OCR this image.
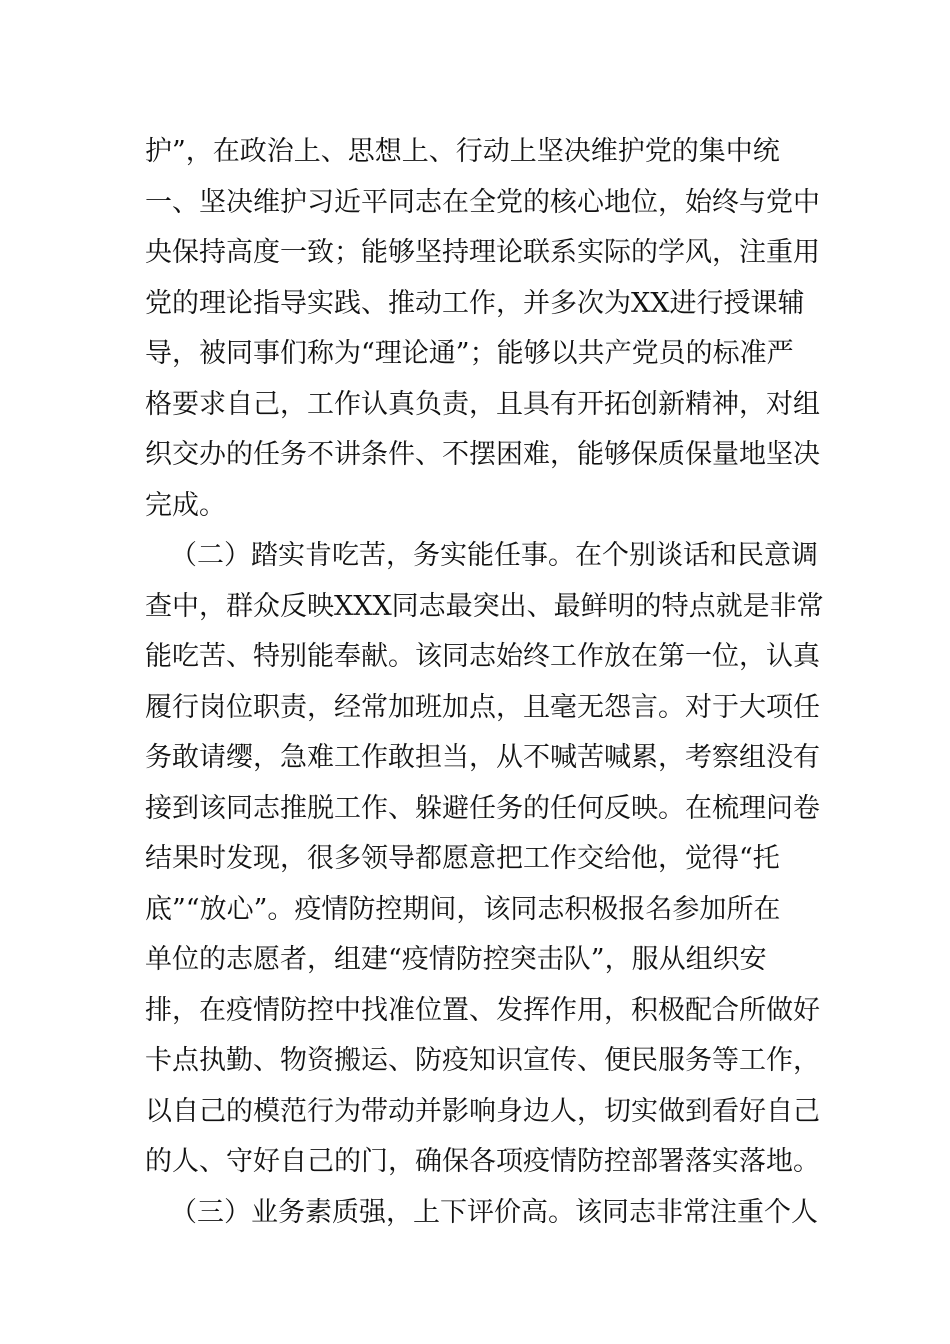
护”，在政治上、思想上、行动上坚决维护党的集中统
一、坚决维护习近平同志在全党的核心地位，始终与党中
央保持高度一致；能够坚持理论联系实际的学风，注重用
党的理论指导实践、推动工作，并多次为XX进行授课辅
导，被同事们称为“理论通”；能够以共产党员的标准严
格要求自己，工作认真负责，且具有开拓创新精神，对组
织交办的任务不讲条件、不摆困难，能够保质保量地坚决
完成。
（二）踏实肯吃苦，务实能任事。在个别谈话和民意调
查中，群众反映XXX同志最突出、最鲜明的特点就是非常
能吃苦、特别能奉献。该同志始终工作放在第一位，认真
履行岗位职责，经常加班加点，且毫无怨言。对于大项任
务敢请缨，急难工作敢担当，从不喊苦喊累，考察组没有
接到该同志推脱工作、躲避任务的任何反映。在梳理问卷
结果时发现，很多领导都愿意把工作交给他，觉得“托
底”“放心”。疫情防控期间，该同志积极报名参加所在
单位的志愿者，组建“疫情防控突击队”，服从组织安
排，在疫情防控中找准位置、发挥作用，积极配合所做好
卡点执勤、物资搬运、防疫知识宣传、便民服务等工作，
以自己的模范行为带动并影响身边人，切实做到看好自己
的人、守好自己的门，确保各项疫情防控部署落实落地。
（三）业务素质强，上下评价高。该同志非常注重个人
